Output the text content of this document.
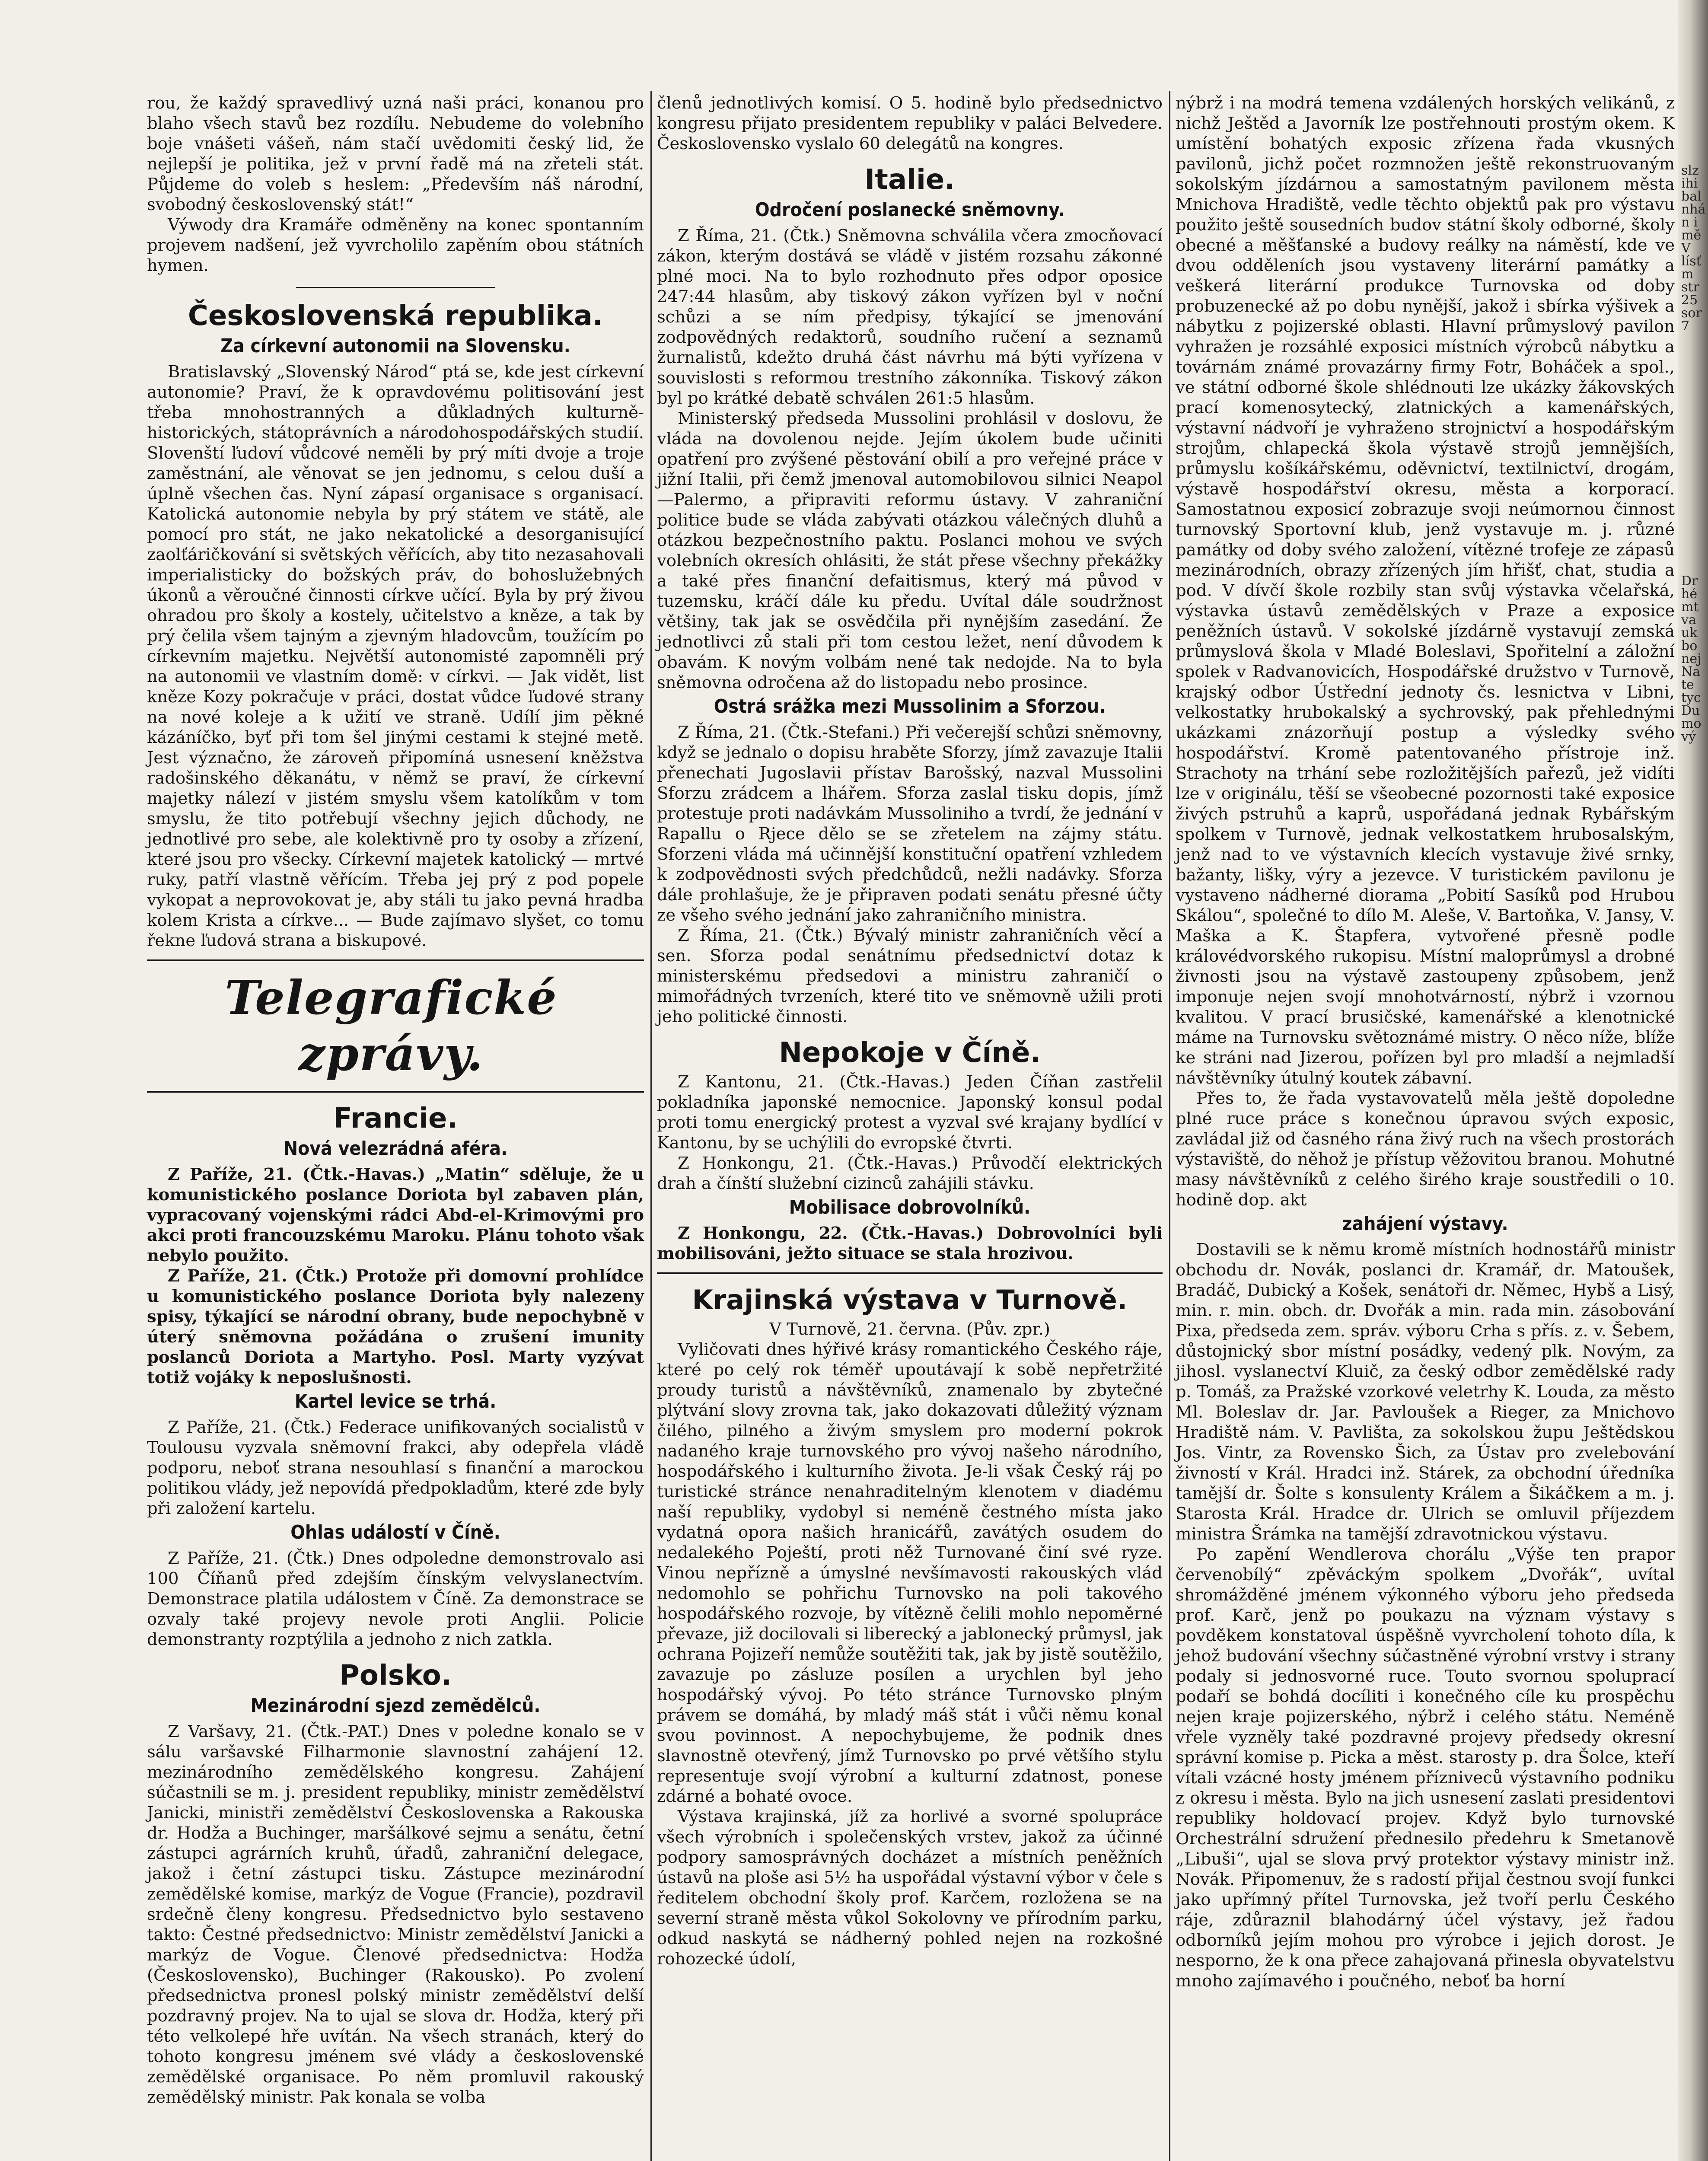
rou, že každý spravedlivý uzná naši práci, konanou pro blaho všech stavů bez rozdílu. Nebudeme do volebního boje vnášeti vášeň, nám stačí uvědomiti český lid, že nejlepší je politika, jež v první řadě má na zřeteli stát. Půjdeme do voleb s heslem: „Především náš národní, svobodný československý stát!“

Výwody dra Kramáře odměněny na konec spontanním projevem nadšení, jež vyvrcholilo zapěním obou státních hymen.

Československá republika.
Za církevní autonomii na Slovensku.

Bratislavský „Slovenský Národ“ ptá se, kde jest církevní autonomie? Praví, že k opravdovému politisování jest třeba mnohostranných a důkladných kulturně-historických, státoprávních a národohospodářských studií. Slovenští ľudoví vůdcové neměli by prý míti dvoje a troje zaměstnání, ale věnovat se jen jednomu, s celou duší a úplně všechen čas. Nyní zápasí organisace s organisací. Katolická autonomie nebyla by prý státem ve státě, ale pomocí pro stát, ne jako nekatolické a desorganisující zaolťáričkování si světských věřících, aby tito nezasahovali imperialisticky do božských práv, do bohoslužebných úkonů a věroučné činnosti církve učící. Byla by prý živou ohradou pro školy a kostely, učitelstvo a kněze, a tak by prý čelila všem tajným a zjevným hladovcům, toužícím po církevním majetku. Největší autonomisté zapomněli prý na autonomii ve vlastním domě: v církvi. — Jak vidět, list kněze Kozy pokračuje v práci, dostat vůdce ľudové strany na nové koleje a k užití ve straně. Udílí jim pěkné kázáníčko, byť při tom šel jinými cestami k stejné metě. Jest význačno, že zároveň připomíná usnesení kněžstva radošinského děkanátu, v němž se praví, že církevní majetky nálezí v jistém smyslu všem katolíkům v tom smyslu, že tito potřebují všechny jejich důchody, ne jednotlivé pro sebe, ale kolektivně pro ty osoby a zřízení, které jsou pro všecky. Církevní majetek katolický — mrtvé ruky, patří vlastně věřícím. Třeba jej prý z pod popele vykopat a neprovokovat je, aby stáli tu jako pevná hradba kolem Krista a církve... — Bude zajímavo slyšet, co tomu řekne ľudová strana a biskupové.

Telegrafické zprávy.
Francie.
Nová velezrádná aféra.

Z Paříže, 21. (Čtk.-Havas.) „Matin“ sděluje, že u komunistického poslance Doriota byl zabaven plán, vypracovaný vojenskými rádci Abd-el-Krimovými pro akci proti francouzskému Maroku. Plánu tohoto však nebylo použito.

Z Paříže, 21. (Čtk.) Protože při domovní prohlídce u komunistického poslance Doriota byly nalezeny spisy, týkající se národní obrany, bude nepochybně v úterý sněmovna požádána o zrušení imunity poslanců Doriota a Martyho. Posl. Marty vyzývat totiž vojáky k neposlušnosti.

Kartel levice se trhá.

Z Paříže, 21. (Čtk.) Federace unifikovaných socialistů v Toulousu vyzvala sněmovní frakci, aby odepřela vládě podporu, neboť strana nesouhlasí s finanční a marockou politikou vlády, jež nepovídá předpokladům, které zde byly při založení kartelu.

Ohlas událostí v Číně.

Z Paříže, 21. (Čtk.) Dnes odpoledne demonstrovalo asi 100 Číňanů před zdejším čínským velvyslanectvím. Demonstrace platila událostem v Číně. Za demonstrace se ozvaly také projevy nevole proti Anglii. Policie demonstranty rozptýlila a jednoho z nich zatkla.

Polsko.
Mezinárodní sjezd zemědělců.

Z Varšavy, 21. (Čtk.-PAT.) Dnes v poledne konalo se v sálu varšavské Filharmonie slavnostní zahájení 12. mezinárodního zemědělského kongresu. Zahájení súčastnili se m. j. president republiky, ministr zemědělství Janicki, ministři zemědělství Československa a Rakouska dr. Hodža a Buchinger, maršálkové sejmu a senátu, četní zástupci agrárních kruhů, úřadů, zahraniční delegace, jakož i četní zástupci tisku. Zástupce mezinárodní zemědělské komise, markýz de Vogue (Francie), pozdravil srdečně členy kongresu. Předsednictvo bylo sestaveno takto: Čestné předsednictvo: Ministr zemědělství Janicki a markýz de Vogue. Členové předsednictva: Hodža (Československo), Buchinger (Rakousko). Po zvolení předsednictva pronesl polský ministr zemědělství delší pozdravný projev. Na to ujal se slova dr. Hodža, který při této velkolepé hře uvítán. Na všech stranách, který do tohoto kongresu jménem své vlády a československé zemědělské organisace. Po něm promluvil rakouský zemědělský ministr. Pak konala se volba

členů jednotlivých komisí. O 5. hodině bylo předsednictvo kongresu přijato presidentem republiky v paláci Belvedere. Československo vyslalo 60 delegátů na kongres.

Italie.
Odročení poslanecké sněmovny.

Z Říma, 21. (Čtk.) Sněmovna schválila včera zmocňovací zákon, kterým dostává se vládě v jistém rozsahu zákonné plné moci. Na to bylo rozhodnuto přes odpor oposice 247:44 hlasům, aby tiskový zákon vyřízen byl v noční schůzi a se ním předpisy, týkající se jmenování zodpovědných redaktorů, soudního ručení a seznamů žurnalistů, kdežto druhá část návrhu má býti vyřízena v souvislosti s reformou trestního zákonníka. Tiskový zákon byl po krátké debatě schválen 261:5 hlasům.

Ministerský předseda Mussolini prohlásil v doslovu, že vláda na dovolenou nejde. Jejím úkolem bude učiniti opatření pro zvýšené pěstování obilí a pro veřejné práce v jižní Italii, při čemž jmenoval automobilovou silnici Neapol—Palermo, a připraviti reformu ústavy. V zahraniční politice bude se vláda zabývati otázkou válečných dluhů a otázkou bezpečnostního paktu. Poslanci mohou ve svých volebních okresích ohlásiti, že stát přese všechny překážky a také přes finanční defaitismus, který má původ v tuzemsku, kráčí dále ku předu. Uvítal dále soudržnost většiny, tak jak se osvědčila při nynějším zasedání. Že jednotlivci zů stali při tom cestou ležet, není důvodem k obavám. K novým volbám nené tak nedojde. Na to byla sněmovna odročena až do listopadu nebo prosince.

Ostrá srážka mezi Mussolinim a Sforzou.

Z Říma, 21. (Čtk.-Stefani.) Při večerejší schůzi sněmovny, když se jednalo o dopisu hraběte Sforzy, jímž zavazuje Italii přenechati Jugoslavii přístav Barošský, nazval Mussolini Sforzu zrádcem a lhářem. Sforza zaslal tisku dopis, jímž protestuje proti nadávkám Mussoliniho a tvrdí, že jednání v Rapallu o Rjece dělo se se zřetelem na zájmy státu. Sforzeni vláda má učinnější konstituční opatření vzhledem k zodpovědnosti svých předchůdců, nežli nadávky. Sforza dále prohlašuje, že je připraven podati senátu přesné účty ze všeho svého jednání jako zahraničního ministra.

Z Říma, 21. (Čtk.) Bývalý ministr zahraničních věcí a sen. Sforza podal senátnímu předsednictví dotaz k ministerskému předsedovi a ministru zahraničí o mimořádných tvrzeních, které tito ve sněmovně užili proti jeho politické činnosti.

Nepokoje v Číně.

Z Kantonu, 21. (Čtk.-Havas.) Jeden Číňan zastřelil pokladníka japonské nemocnice. Japonský konsul podal proti tomu energický protest a vyzval své krajany bydlící v Kantonu, by se uchýlili do evropské čtvrti.

Z Honkongu, 21. (Čtk.-Havas.) Průvodčí elektrických drah a čínští služební cizinců zahájili stávku.

Mobilisace dobrovolníků.

Z Honkongu, 22. (Čtk.-Havas.) Dobrovolníci byli mobilisováni, ježto situace se stala hrozivou.

Krajinská výstava v Turnově.

V Turnově, 21. června. (Pův. zpr.)

Vyličovati dnes hýřivé krásy romantického Českého ráje, které po celý rok téměř upoutávají k sobě nepřetržité proudy turistů a návštěvníků, znamenalo by zbytečné plýtvání slovy zrovna tak, jako dokazovati důležitý význam čilého, pilného a živým smyslem pro moderní pokrok nadaného kraje turnovského pro vývoj našeho národního, hospodářského i kulturního života. Je-li však Český ráj po turistické stránce nenahraditelným klenotem v diadému naší republiky, vydobyl si neméně čestného místa jako vydatná opora našich hranicářů, zavátých osudem do nedalekého Poještí, proti něž Turnované činí své ryze. Vinou nepřízně a úmyslné nevšímavosti rakouských vlád nedomohlo se pohřichu Turnovsko na poli takového hospodářského rozvoje, by vítězně čelili mohlo nepoměrné převaze, již docilovali si liberecký a jablonecký průmysl, jak ochrana Pojizeří nemůže soutěžiti tak, jak by jistě soutěžilo, zavazuje po zásluze posílen a urychlen byl jeho hospodářský vývoj. Po této stránce Turnovsko plným právem se domáhá, by mladý máš stát i vůči němu konal svou povinnost. A nepochybujeme, že podnik dnes slavnostně otevřený, jímž Turnovsko po prvé většího stylu representuje svojí výrobní a kulturní zdatnost, ponese zdárné a bohaté ovoce.

Výstava krajinská, jíž za horlivé a svorné spolupráce všech výrobních i společenských vrstev, jakož za účinné podpory samosprávných docházet a místních peněžních ústavů na ploše asi 5½ ha uspořádal výstavní výbor v čele s ředitelem obchodní školy prof. Karčem, rozložena se na severní straně města vůkol Sokolovny ve přírodním parku, odkud naskytá se nádherný pohled nejen na rozkošné rohozecké údolí,

nýbrž i na modrá temena vzdálených horských velikánů, z nichž Ještěd a Javorník lze postřehnouti prostým okem. K umístění bohatých exposic zřízena řada vkusných pavilonů, jichž počet rozmnožen ještě rekonstruovaným sokolským jízdárnou a samostatným pavilonem města Mnichova Hradiště, vedle těchto objektů pak pro výstavu použito ještě sousedních budov státní školy odborné, školy obecné a měšťanské a budovy reálky na náměstí, kde ve dvou odděleních jsou vystaveny literární památky a veškerá literární produkce Turnovska od doby probuzenecké až po dobu nynější, jakož i sbírka výšivek a nábytku z pojizerské oblasti. Hlavní průmyslový pavilon vyhražen je rozsáhlé exposici místních výrobců nábytku a továrnám známé provazárny firmy Fotr, Boháček a spol., ve státní odborné škole shlédnouti lze ukázky žákovských prací komenosytecký, zlatnických a kamenářských, výstavní nádvoří je vyhraženo strojnictví a hospodářským strojům, chlapecká škola výstavě strojů jemnějších, průmyslu košíkářskému, oděvnictví, textilnictví, drogám, výstavě hospodářství okresu, města a korporací. Samostatnou exposicí zobrazuje svoji neúmornou činnost turnovský Sportovní klub, jenž vystavuje m. j. různé památky od doby svého založení, vítězné trofeje ze zápasů mezinárodních, obrazy zřízených jím hřišť, chat, studia a pod. V dívčí škole rozbily stan svůj výstavka včelařská, výstavka ústavů zemědělských v Praze a exposice peněžních ústavů. V sokolské jízdárně vystavují zemská průmyslová škola v Mladé Boleslavi, Spořitelní a záložní spolek v Radvanovicích, Hospodářské družstvo v Turnově, krajský odbor Ústřední jednoty čs. lesnictva v Libni, velkostatky hrubokalský a sychrovský, pak přehlednými ukázkami znázorňují postup a výsledky svého hospodářství. Kromě patentovaného přístroje inž. Strachoty na trhání sebe rozložitějších pařezů, jež vidíti lze v originálu, těší se všeobecné pozornosti také exposice živých pstruhů a kaprů, uspořádaná jednak Rybářským spolkem v Turnově, jednak velkostatkem hrubosalským, jenž nad to ve výstavních klecích vystavuje živé srnky, bažanty, lišky, výry a jezevce. V turistickém pavilonu je vystaveno nádherné diorama „Pobití Sasíků pod Hrubou Skálou“, společné to dílo M. Aleše, V. Bartoňka, V. Jansy, V. Maška a K. Štapfera, vytvořené přesně podle královédvorského rukopisu. Místní maloprůmysl a drobné živnosti jsou na výstavě zastoupeny způsobem, jenž imponuje nejen svojí mnohotvárností, nýbrž i vzornou kvalitou. V prací brusičské, kamenářské a klenotnické máme na Turnovsku světoznámé mistry. O něco níže, blíže ke stráni nad Jizerou, pořízen byl pro mladší a nejmladší návštěvníky útulný koutek zábavní.

Přes to, že řada vystavovatelů měla ještě dopoledne plné ruce práce s konečnou úpravou svých exposic, zavládal již od časného rána živý ruch na všech prostorách výstaviště, do něhož je přístup věžovitou branou. Mohutné masy návštěvníků z celého širého kraje soustředili o 10. hodině dop. akt

zahájení výstavy.

Dostavili se k němu kromě místních hodnostářů ministr obchodu dr. Novák, poslanci dr. Kramář, dr. Matoušek, Bradáč, Dubický a Košek, senátoři dr. Němec, Hybš a Lisý, min. r. min. obch. dr. Dvořák a min. rada min. zásobování Pixa, předseda zem. správ. výboru Crha s přís. z. v. Šebem, důstojnický sbor místní posádky, vedený plk. Novým, za jihosl. vyslanectví Kluič, za český odbor zemědělské rady p. Tomáš, za Pražské vzorkové veletrhy K. Louda, za město Ml. Boleslav dr. Jar. Pavloušek a Rieger, za Mnichovo Hradiště nám. V. Pavlišta, za sokolskou župu Ještědskou Jos. Vintr, za Rovensko Šich, za Ústav pro zvelebování živností v Král. Hradci inž. Stárek, za obchodní úředníka tamější dr. Šolte s konsulenty Králem a Šikáčkem a m. j. Starosta Král. Hradce dr. Ulrich se omluvil příjezdem ministra Šrámka na tamější zdravotnickou výstavu.

Po zapění Wendlerova chorálu „Výše ten prapor červenobílý“ zpěváckým spolkem „Dvořák“, uvítal shromážděné jménem výkonného výboru jeho předseda prof. Karč, jenž po poukazu na význam výstavy s povděkem konstatoval úspěšně vyvrcholení tohoto díla, k jehož budování všechny súčastněné výrobní vrstvy i strany podaly si jednosvorné ruce. Touto svornou spoluprací podaří se bohdá docíliti i konečného cíle ku prospěchu nejen kraje pojizerského, nýbrž i celého státu. Neméně vřele vyzněly také pozdravné projevy předsedy okresní správní komise p. Picka a měst. starosty p. dra Šolce, kteří vítali vzácné hosty jménem přízniveců výstavního podniku z okresu i města. Bylo na jich usnesení zaslati presidentovi republiky holdovací projev. Když bylo turnovské Orchestrální sdružení přednesilo předehru k Smetanově „Libuši“, ujal se slova prvý protektor výstavy ministr inž. Novák. Připomenuv, že s radostí přijal čestnou svojí funkci jako upřímný přítel Turnovska, jež tvoří perlu Českého ráje, zdůraznil blahodárný účel výstavy, jež řadou odborníků jejím mohou pro výrobce i jejich dorost. Je nesporno, že k ona přece zahajovaná přinesla obyvatelstvu mnoho zajímavého i poučného, neboť ba horní

slz
ihi
bal
nhá
n i
mě
V
lísť
m
str
25
sor
7
Dr
hé
mt
va
uk
bo
nej
Na
te
tyc
Du
mo
vý
